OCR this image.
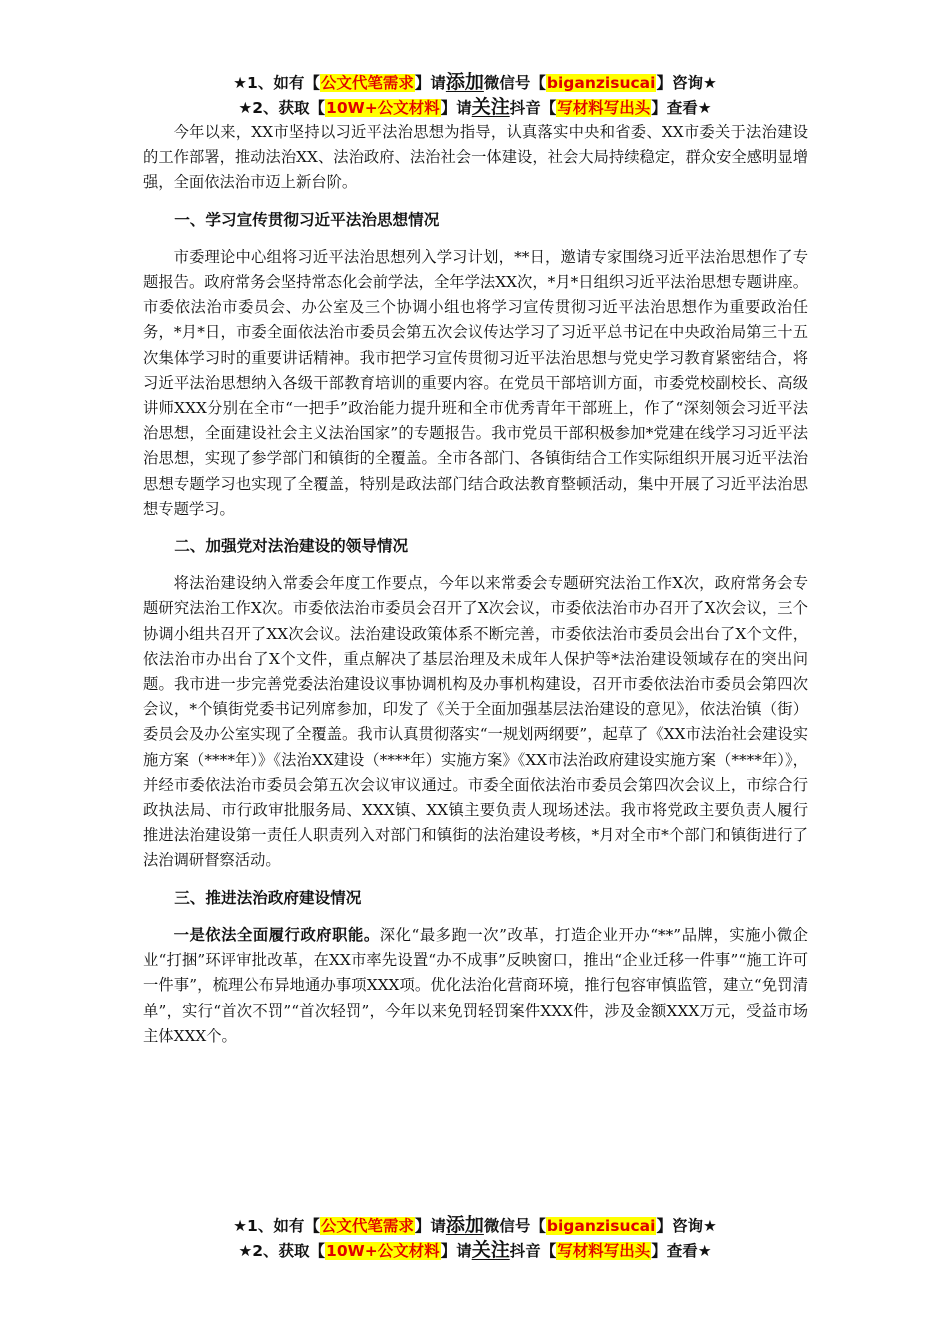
★1、如有【公文代笔需求】请添加微信号【biganzisucai】咨询★
★2、获取【10W+公文材料】请关注抖音【写材料写出头】查看★

今年以来，XX市坚持以习近平法治思想为指导，认真落实中央和省委、XX市委关于法治建设的工作部署，推动法治XX、法治政府、法治社会一体建设，社会大局持续稳定，群众安全感明显增强，全面依法治市迈上新台阶。

一、学习宣传贯彻习近平法治思想情况

市委理论中心组将习近平法治思想列入学习计划，**日，邀请专家围绕习近平法治思想作了专题报告。政府常务会坚持常态化会前学法，全年学法XX次，*月*日组织习近平法治思想专题讲座。市委依法治市委员会、办公室及三个协调小组也将学习宣传贯彻习近平法治思想作为重要政治任务，*月*日，市委全面依法治市委员会第五次会议传达学习了习近平总书记在中央政治局第三十五次集体学习时的重要讲话精神。我市把学习宣传贯彻习近平法治思想与党史学习教育紧密结合，将习近平法治思想纳入各级干部教育培训的重要内容。在党员干部培训方面，市委党校副校长、高级讲师XXX分别在全市“一把手”政治能力提升班和全市优秀青年干部班上，作了“深刻领会习近平法治思想，全面建设社会主义法治国家”的专题报告。我市党员干部积极参加*党建在线学习习近平法治思想，实现了参学部门和镇街的全覆盖。全市各部门、各镇街结合工作实际组织开展习近平法治思想专题学习也实现了全覆盖，特别是政法部门结合政法教育整顿活动，集中开展了习近平法治思想专题学习。

二、加强党对法治建设的领导情况

将法治建设纳入常委会年度工作要点，今年以来常委会专题研究法治工作X次，政府常务会专题研究法治工作X次。市委依法治市委员会召开了X次会议，市委依法治市办召开了X次会议，三个协调小组共召开了XX次会议。法治建设政策体系不断完善，市委依法治市委员会出台了X个文件，依法治市办出台了X个文件，重点解决了基层治理及未成年人保护等*法治建设领域存在的突出问题。我市进一步完善党委法治建设议事协调机构及办事机构建设，召开市委依法治市委员会第四次会议，*个镇街党委书记列席参加，印发了《关于全面加强基层法治建设的意见》，依法治镇（街）委员会及办公室实现了全覆盖。我市认真贯彻落实“一规划两纲要”，起草了《XX市法治社会建设实施方案（****年）》《法治XX建设（****年）实施方案》《XX市法治政府建设实施方案（****年）》，并经市委依法治市委员会第五次会议审议通过。市委全面依法治市委员会第四次会议上，市综合行政执法局、市行政审批服务局、XXX镇、XX镇主要负责人现场述法。我市将党政主要负责人履行推进法治建设第一责任人职责列入对部门和镇街的法治建设考核，*月对全市*个部门和镇街进行了法治调研督察活动。

三、推进法治政府建设情况

一是依法全面履行政府职能。深化“最多跑一次”改革，打造企业开办“**”品牌，实施小微企业“打捆”环评审批改革，在XX市率先设置“办不成事”反映窗口，推出“企业迁移一件事”“施工许可一件事”，梳理公布异地通办事项XXX项。优化法治化营商环境，推行包容审慎监管，建立“免罚清单”，实行“首次不罚”“首次轻罚”，今年以来免罚轻罚案件XXX件，涉及金额XXX万元，受益市场主体XXX个。

★1、如有【公文代笔需求】请添加微信号【biganzisucai】咨询★
★2、获取【10W+公文材料】请关注抖音【写材料写出头】查看★
